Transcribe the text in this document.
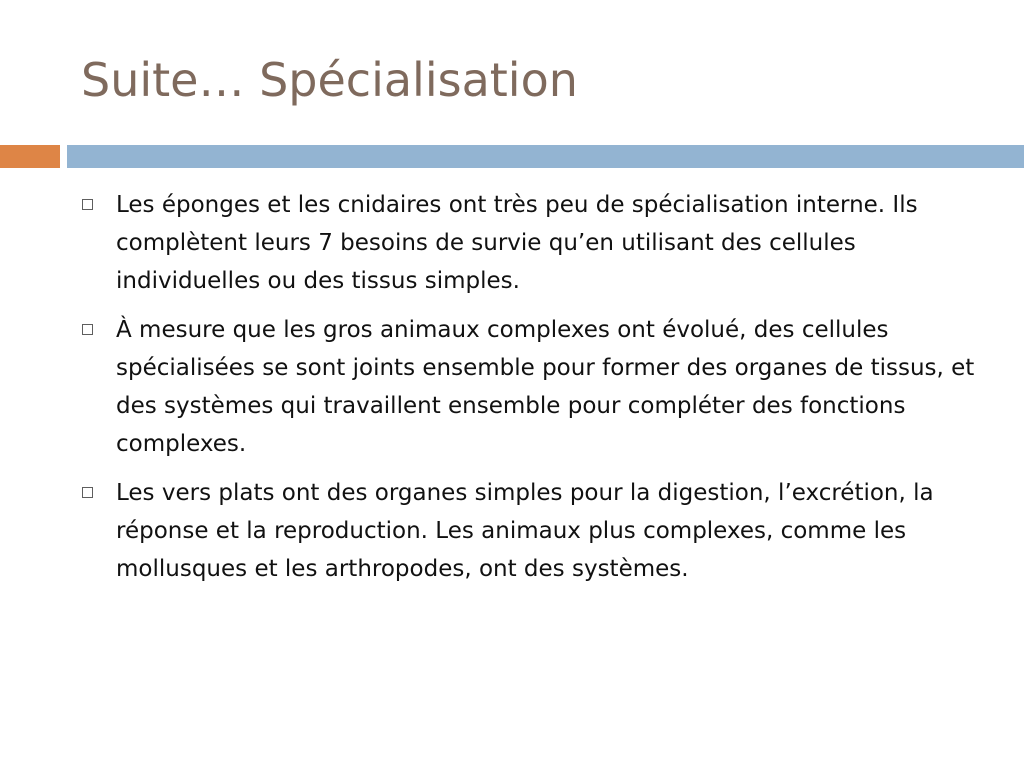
Suite… Spécialisation
Les éponges et les cnidaires ont très peu de spécialisation interne. Ils complètent leurs 7 besoins de survie qu’en utilisant des cellules individuelles ou des tissus simples.
À mesure que les gros animaux complexes ont évolué, des cellules spécialisées se sont joints ensemble pour former des organes de tissus, et des systèmes qui travaillent ensemble pour compléter des fonctions complexes.
Les vers plats ont des organes simples pour la digestion, l’excrétion, la réponse et la reproduction. Les animaux plus complexes, comme les mollusques et les arthropodes, ont des systèmes.
